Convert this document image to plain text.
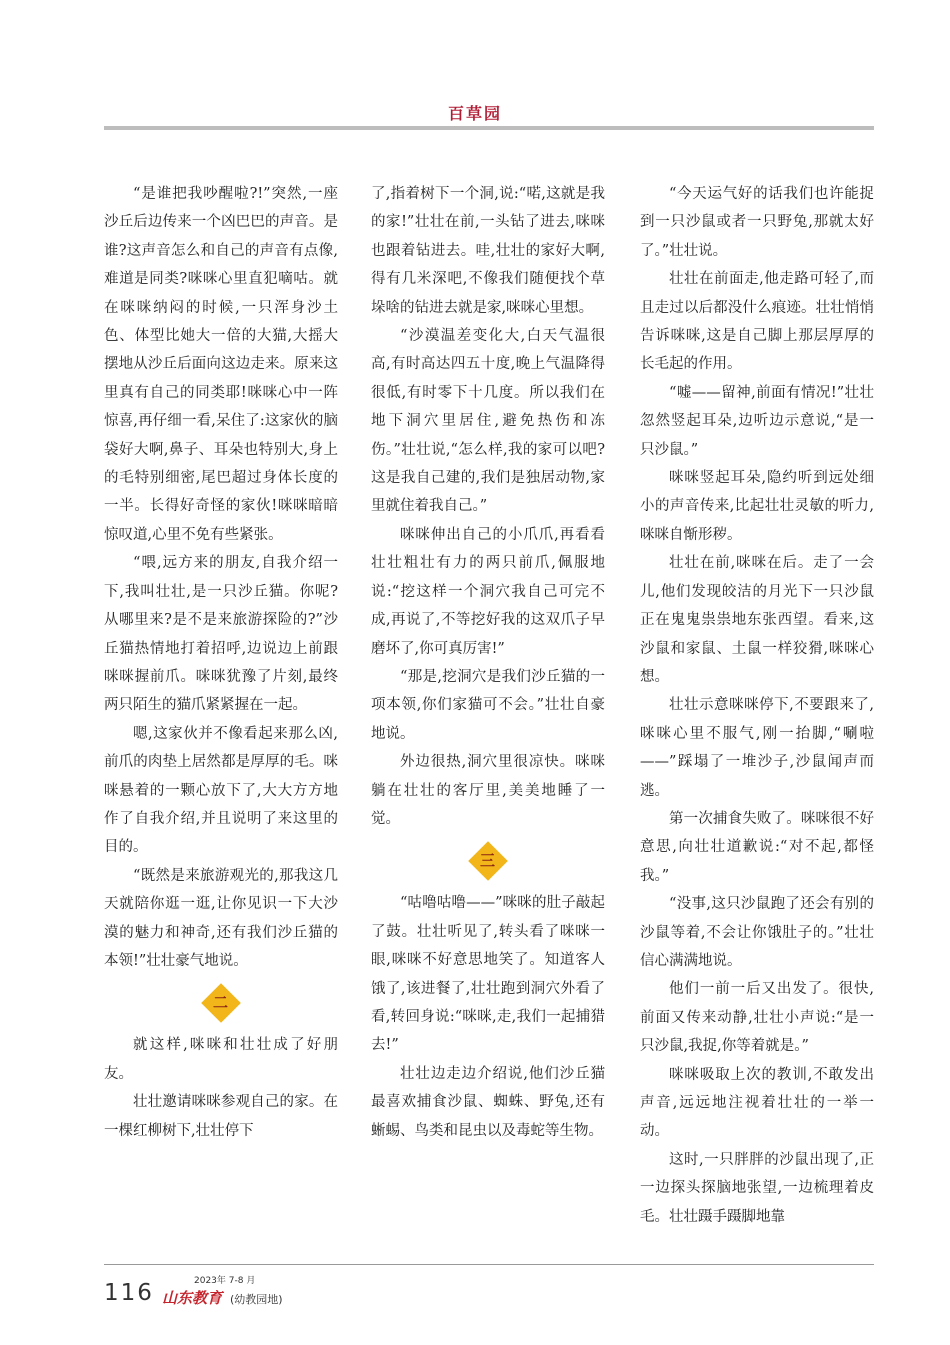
百草园

“是谁把我吵醒啦?!”突然,一座沙丘后边传来一个凶巴巴的声音。是谁?这声音怎么和自己的声音有点像,难道是同类?咪咪心里直犯嘀咕。就在咪咪纳闷的时候,一只浑身沙土色、体型比她大一倍的大猫,大摇大摆地从沙丘后面向这边走来。原来这里真有自己的同类耶!咪咪心中一阵惊喜,再仔细一看,呆住了:这家伙的脑袋好大啊,鼻子、耳朵也特别大,身上的毛特别细密,尾巴超过身体长度的一半。长得好奇怪的家伙!咪咪暗暗惊叹道,心里不免有些紧张。

“喂,远方来的朋友,自我介绍一下,我叫壮壮,是一只沙丘猫。你呢?从哪里来?是不是来旅游探险的?”沙丘猫热情地打着招呼,边说边上前跟咪咪握前爪。咪咪犹豫了片刻,最终两只陌生的猫爪紧紧握在一起。

嗯,这家伙并不像看起来那么凶,前爪的肉垫上居然都是厚厚的毛。咪咪悬着的一颗心放下了,大大方方地作了自我介绍,并且说明了来这里的目的。

“既然是来旅游观光的,那我这几天就陪你逛一逛,让你见识一下大沙漠的魅力和神奇,还有我们沙丘猫的本领!”壮壮豪气地说。

二

就这样,咪咪和壮壮成了好朋友。

壮壮邀请咪咪参观自己的家。在一棵红柳树下,壮壮停下

了,指着树下一个洞,说:“喏,这就是我的家!”壮壮在前,一头钻了进去,咪咪也跟着钻进去。哇,壮壮的家好大啊,得有几米深吧,不像我们随便找个草垛啥的钻进去就是家,咪咪心里想。

“沙漠温差变化大,白天气温很高,有时高达四五十度,晚上气温降得很低,有时零下十几度。所以我们在地下洞穴里居住,避免热伤和冻伤。”壮壮说,“怎么样,我的家可以吧?这是我自己建的,我们是独居动物,家里就住着我自己。”

咪咪伸出自己的小爪爪,再看看壮壮粗壮有力的两只前爪,佩服地说:“挖这样一个洞穴我自己可完不成,再说了,不等挖好我的这双爪子早磨坏了,你可真厉害!”

“那是,挖洞穴是我们沙丘猫的一项本领,你们家猫可不会。”壮壮自豪地说。

外边很热,洞穴里很凉快。咪咪躺在壮壮的客厅里,美美地睡了一觉。

三

“咕噜咕噜——”咪咪的肚子敲起了鼓。壮壮听见了,转头看了咪咪一眼,咪咪不好意思地笑了。知道客人饿了,该进餐了,壮壮跑到洞穴外看了看,转回身说:“咪咪,走,我们一起捕猎去!”

壮壮边走边介绍说,他们沙丘猫最喜欢捕食沙鼠、蜘蛛、野兔,还有蜥蜴、鸟类和昆虫以及毒蛇等生物。

“今天运气好的话我们也许能捉到一只沙鼠或者一只野兔,那就太好了。”壮壮说。

壮壮在前面走,他走路可轻了,而且走过以后都没什么痕迹。壮壮悄悄告诉咪咪,这是自己脚上那层厚厚的长毛起的作用。

“嘘——留神,前面有情况!”壮壮忽然竖起耳朵,边听边示意说,“是一只沙鼠。”

咪咪竖起耳朵,隐约听到远处细小的声音传来,比起壮壮灵敏的听力,咪咪自惭形秽。

壮壮在前,咪咪在后。走了一会儿,他们发现皎洁的月光下一只沙鼠正在鬼鬼祟祟地东张西望。看来,这沙鼠和家鼠、土鼠一样狡猾,咪咪心想。

壮壮示意咪咪停下,不要跟来了,咪咪心里不服气,刚一抬脚,“唰啦——”踩塌了一堆沙子,沙鼠闻声而逃。

第一次捕食失败了。咪咪很不好意思,向壮壮道歉说:“对不起,都怪我。”

“没事,这只沙鼠跑了还会有别的沙鼠等着,不会让你饿肚子的。”壮壮信心满满地说。

他们一前一后又出发了。很快,前面又传来动静,壮壮小声说:“是一只沙鼠,我捉,你等着就是。”

咪咪吸取上次的教训,不敢发出声音,远远地注视着壮壮的一举一动。

这时,一只胖胖的沙鼠出现了,正一边探头探脑地张望,一边梳理着皮毛。壮壮蹑手蹑脚地靠

116	2023年 7-8 月
山东教育 (幼教园地)
